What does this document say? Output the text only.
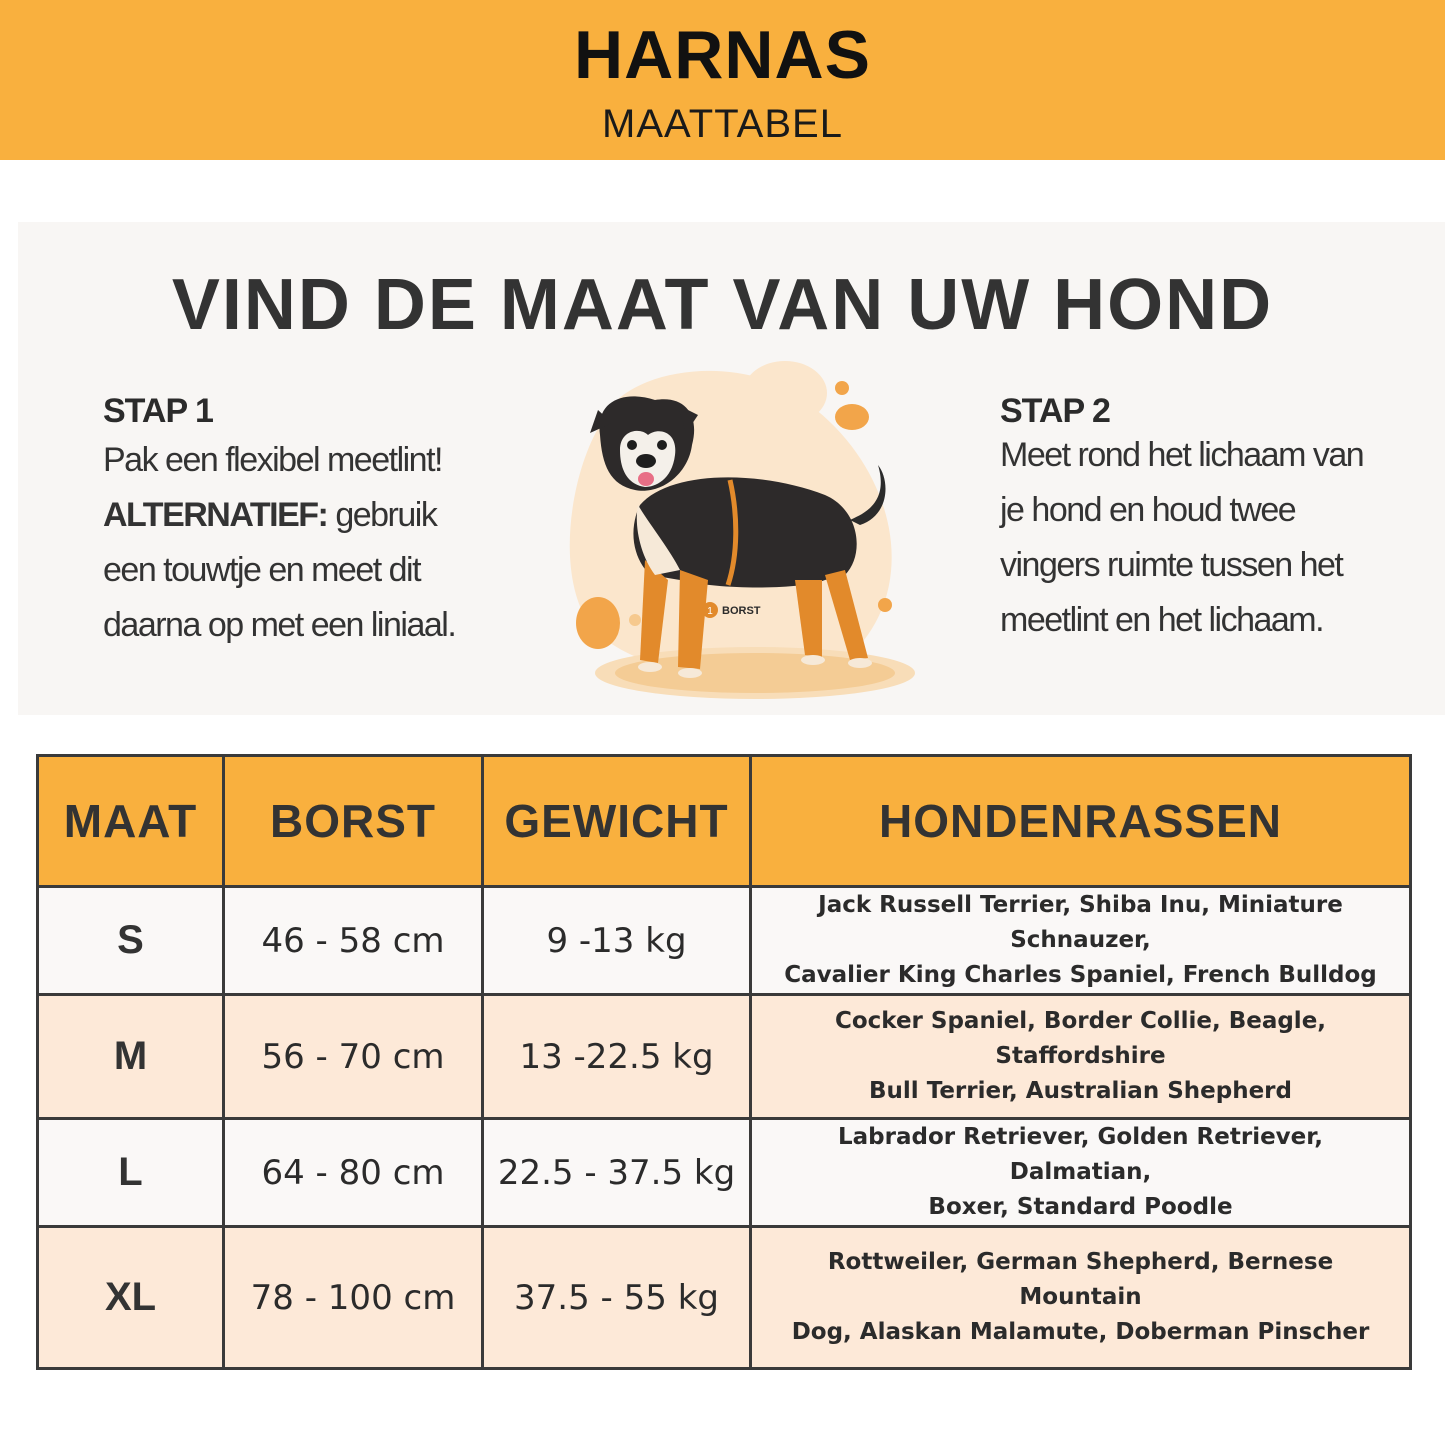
HARNAS
MAATTABEL
VIND DE MAAT VAN UW HOND
STAP 1
Pak een flexibel meetlint!
ALTERNATIEF: gebruik
een touwtje en meet dit
daarna op met een liniaal.
STAP 2
Meet rond het lichaam van
je hond en houd twee
vingers ruimte tussen het
meetlint en het lichaam.
1 BORST
MAAT	BORST	GEWICHT	HONDENRASSEN
S	46 - 58 cm	9 -13 kg	Jack Russell Terrier, Shiba Inu, Miniature Schnauzer,
Cavalier King Charles Spaniel, French Bulldog

M	56 - 70 cm	13 -22.5 kg	Cocker Spaniel, Border Collie, Beagle, Staffordshire
Bull Terrier, Australian Shepherd

L	64 - 80 cm	22.5 - 37.5 kg	Labrador Retriever, Golden Retriever, Dalmatian,
Boxer, Standard Poodle

XL	78 - 100 cm	37.5 - 55 kg	Rottweiler, German Shepherd, Bernese Mountain
Dog, Alaskan Malamute, Doberman Pinscher
